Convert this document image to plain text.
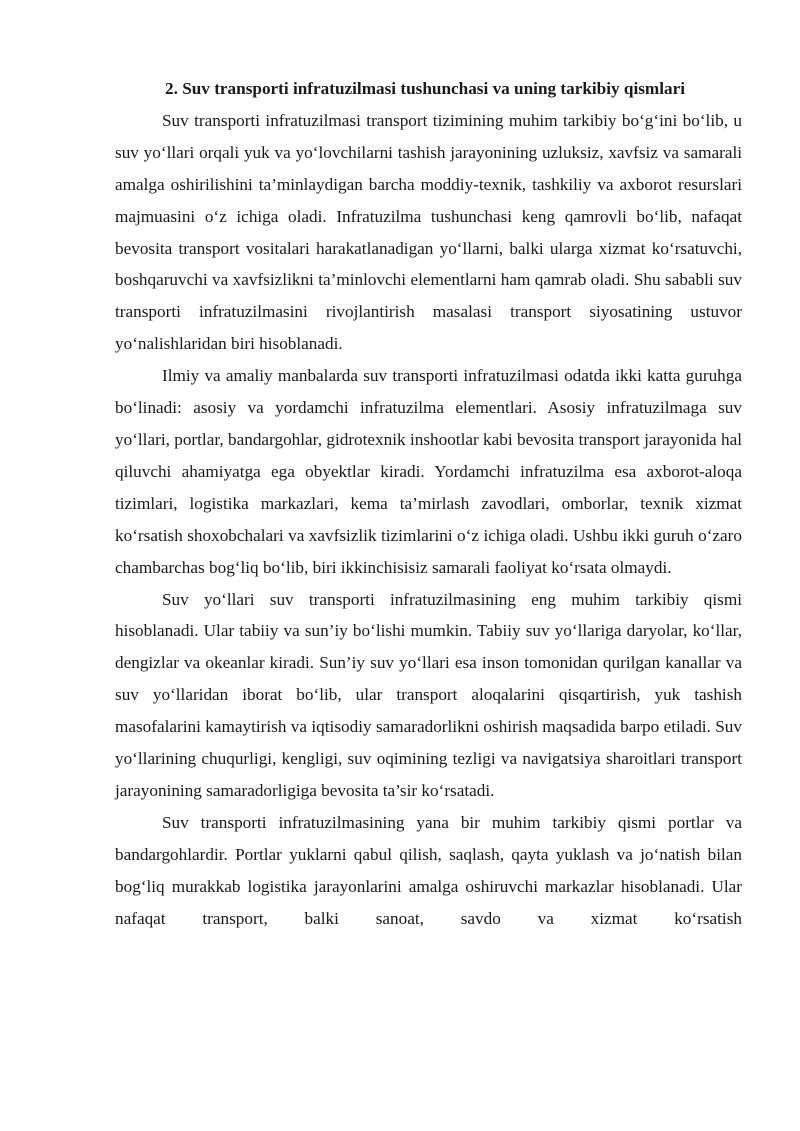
2. Suv transporti infratuzilmasi tushunchasi va uning tarkibiy qismlari

Suv transporti infratuzilmasi transport tizimining muhim tarkibiy bo‘g‘ini bo‘lib, u suv yo‘llari orqali yuk va yo‘lovchilarni tashish jarayonining uzluksiz, xavfsiz va samarali amalga oshirilishini ta’minlaydigan barcha moddiy-texnik, tashkiliy va axborot resurslari majmuasini o‘z ichiga oladi. Infratuzilma tushunchasi keng qamrovli bo‘lib, nafaqat bevosita transport vositalari harakatlanadigan yo‘llarni, balki ularga xizmat ko‘rsatuvchi, boshqaruvchi va xavfsizlikni ta’minlovchi elementlarni ham qamrab oladi. Shu sababli suv transporti infratuzilmasini rivojlantirish masalasi transport siyosatining ustuvor yo‘nalishlaridan biri hisoblanadi.

Ilmiy va amaliy manbalarda suv transporti infratuzilmasi odatda ikki katta guruhga bo‘linadi: asosiy va yordamchi infratuzilma elementlari. Asosiy infratuzilmaga suv yo‘llari, portlar, bandargohlar, gidrotexnik inshootlar kabi bevosita transport jarayonida hal qiluvchi ahamiyatga ega obyektlar kiradi. Yordamchi infratuzilma esa axborot-aloqa tizimlari, logistika markazlari, kema ta’mirlash zavodlari, omborlar, texnik xizmat ko‘rsatish shoxobchalari va xavfsizlik tizimlarini o‘z ichiga oladi. Ushbu ikki guruh o‘zaro chambarchas bog‘liq bo‘lib, biri ikkinchisisiz samarali faoliyat ko‘rsata olmaydi.

Suv yo‘llari suv transporti infratuzilmasining eng muhim tarkibiy qismi hisoblanadi. Ular tabiiy va sun’iy bo‘lishi mumkin. Tabiiy suv yo‘llariga daryolar, ko‘llar, dengizlar va okeanlar kiradi. Sun’iy suv yo‘llari esa inson tomonidan qurilgan kanallar va suv yo‘llaridan iborat bo‘lib, ular transport aloqalarini qisqartirish, yuk tashish masofalarini kamaytirish va iqtisodiy samaradorlikni oshirish maqsadida barpo etiladi. Suv yo‘llarining chuqurligi, kengligi, suv oqimining tezligi va navigatsiya sharoitlari transport jarayonining samaradorligiga bevosita ta’sir ko‘rsatadi.

Suv transporti infratuzilmasining yana bir muhim tarkibiy qismi portlar va bandargohlardir. Portlar yuklarni qabul qilish, saqlash, qayta yuklash va jo‘natish bilan bog‘liq murakkab logistika jarayonlarini amalga oshiruvchi markazlar hisoblanadi. Ular nafaqat transport, balki sanoat, savdo va xizmat ko‘rsatish
